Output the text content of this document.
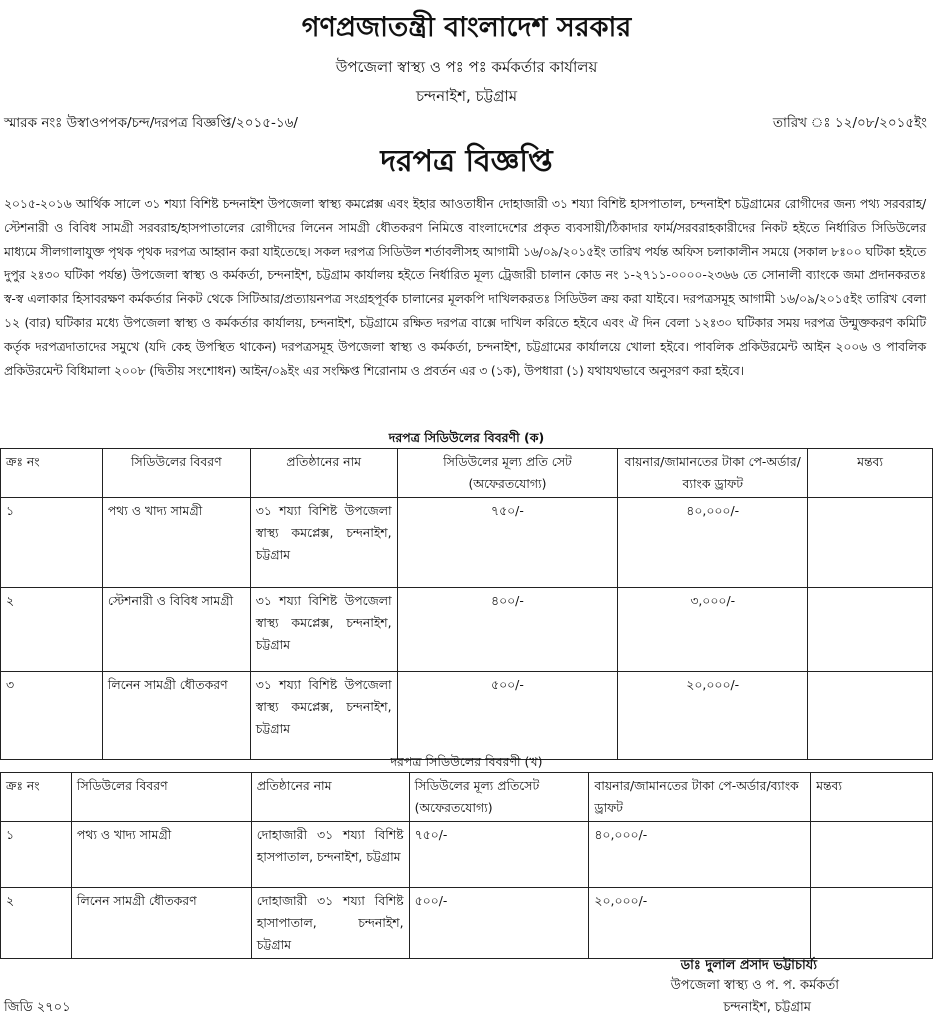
গণপ্রজাতন্ত্রী বাংলাদেশ সরকার
উপজেলা স্বাস্থ্য ও পঃ পঃ কর্মকর্তার কার্যালয়
চন্দনাইশ, চট্টগ্রাম
স্মারক নংঃ উস্বাওপপক/চন্দ/দরপত্র বিজ্ঞপ্তি/২০১৫-১৬/	তারিখ ঃ ১২/০৮/২০১৫ইং
দরপত্র বিজ্ঞপ্তি
২০১৫-২০১৬ আর্থিক সালে ৩১ শয্যা বিশিষ্ট চন্দনাইশ উপজেলা স্বাস্থ্য কমপ্লেক্স এবং ইহার আওতাধীন দোহাজারী ৩১ শয্যা বিশিষ্ট হাসপাতাল, চন্দনাইশ চট্টগ্রামের রোগীদের জন্য পথ্য সরবরাহ/স্টেশনারী ও বিবিধ সামগ্রী সরবরাহ/হাসপাতালের রোগীদের লিনেন সামগ্রী ধৌতকরণ নিমিত্তে বাংলাদেশের প্রকৃত ব্যবসায়ী/ঠিকাদার ফার্ম/সরবরাহকারীদের নিকট হইতে নির্ধারিত সিডিউলের মাধ্যমে সীলগালাযুক্ত পৃথক পৃথক দরপত্র আহ্বান করা যাইতেছে। সকল দরপত্র সিডিউল শর্তাবলীসহ আগামী ১৬/০৯/২০১৫ইং তারিখ পর্যন্ত অফিস চলাকালীন সময়ে (সকাল ৮ঃ০০ ঘটিকা হইতে দুপুর ২ঃ৩০ ঘটিকা পর্যন্ত) উপজেলা স্বাস্থ্য ও কর্মকর্তা, চন্দনাইশ, চট্টগ্রাম কার্যালয় হইতে নির্ধারিত মূল্য ট্রেজারী চালান কোড নং ১-২৭১১-০০০০-২৩৬৬ তে সোনালী ব্যাংকে জমা প্রদানকরতঃ স্ব-স্ব এলাকার হিসাবরক্ষণ কর্মকর্তার নিকট থেকে সিটিআর/প্রত্যায়নপত্র সংগ্রহপূর্বক চালানের মূলকপি দাখিলকরতঃ সিডিউল ক্রয় করা যাইবে। দরপত্রসমূহ আগামী ১৬/০৯/২০১৫ইং তারিখ বেলা ১২ (বার) ঘটিকার মধ্যে উপজেলা স্বাস্থ্য ও কর্মকর্তার কার্যালয়, চন্দনাইশ, চট্টগ্রামে রক্ষিত দরপত্র বাক্সে দাখিল করিতে হইবে এবং ঐ দিন বেলা ১২ঃ৩০ ঘটিকার সময় দরপত্র উন্মুক্তকরণ কমিটি কর্তৃক দরপত্রদাতাদের সমুখে (যদি কেহ উপস্থিত থাকেন) দরপত্রসমূহ উপজেলা স্বাস্থ্য ও কর্মকর্তা, চন্দনাইশ, চট্টগ্রামের কার্যালয়ে খোলা হইবে। পাবলিক প্রকিউরমেন্ট আইন ২০০৬ ও পাবলিক প্রকিউরমেন্ট বিধিমালা ২০০৮ (দ্বিতীয় সংশোধন) আইন/০৯ইং এর সংক্ষিপ্ত শিরোনাম ও প্রবর্তন এর ৩ (১ক), উপধারা (১) যথাযথভাবে অনুসরণ করা হইবে।
দরপত্র সিডিউলের বিবরণী (ক)
ক্রঃ নং	সিডিউলের বিবরণ	প্রতিষ্ঠানের নাম	সিডিউলের মূল্য প্রতি সেট (অফেরতযোগ্য)	বায়নার/জামানতের টাকা পে-অর্ডার/ব্যাংক ড্রাফট	মন্তব্য
১	পথ্য ও খাদ্য সামগ্রী	৩১ শয্যা বিশিষ্ট উপজেলা স্বাস্থ্য কমপ্লেক্স, চন্দনাইশ, চট্টগ্রাম	৭৫০/-	৪০,০০০/-	
২	স্টেশনারী ও বিবিধ সামগ্রী	৩১ শয্যা বিশিষ্ট উপজেলা স্বাস্থ্য কমপ্লেক্স, চন্দনাইশ, চট্টগ্রাম	৪০০/-	৩,০০০/-	
৩	লিনেন সামগ্রী ধৌতকরণ	৩১ শয্যা বিশিষ্ট উপজেলা স্বাস্থ্য কমপ্লেক্স, চন্দনাইশ, চট্টগ্রাম	৫০০/-	২০,০০০/-	
দরপত্র সিডিউলের বিবরণী (খ)
ক্রঃ নং	সিডিউলের বিবরণ	প্রতিষ্ঠানের নাম	সিডিউলের মূল্য প্রতিসেট (অফেরতযোগ্য)	বায়নার/জামানতের টাকা পে-অর্ডার/ব্যাংক ড্রাফট	মন্তব্য
১	পথ্য ও খাদ্য সামগ্রী	দোহাজারী ৩১ শয্যা বিশিষ্ট হাসপাতাল, চন্দনাইশ, চট্টগ্রাম	৭৫০/-	৪০,০০০/-	
২	লিনেন সামগ্রী ধৌতকরণ	দোহাজারী ৩১ শয্যা বিশিষ্ট হাসাপাতাল, চন্দনাইশ, চট্টগ্রাম	৫০০/-	২০,০০০/-	
ডাঃ দুলাল প্রসাদ ভট্টাচার্য্য
উপজেলা স্বাস্থ্য ও প. প. কর্মকর্তা
চন্দনাইশ, চট্টগ্রাম
জিডি ২৭০১
